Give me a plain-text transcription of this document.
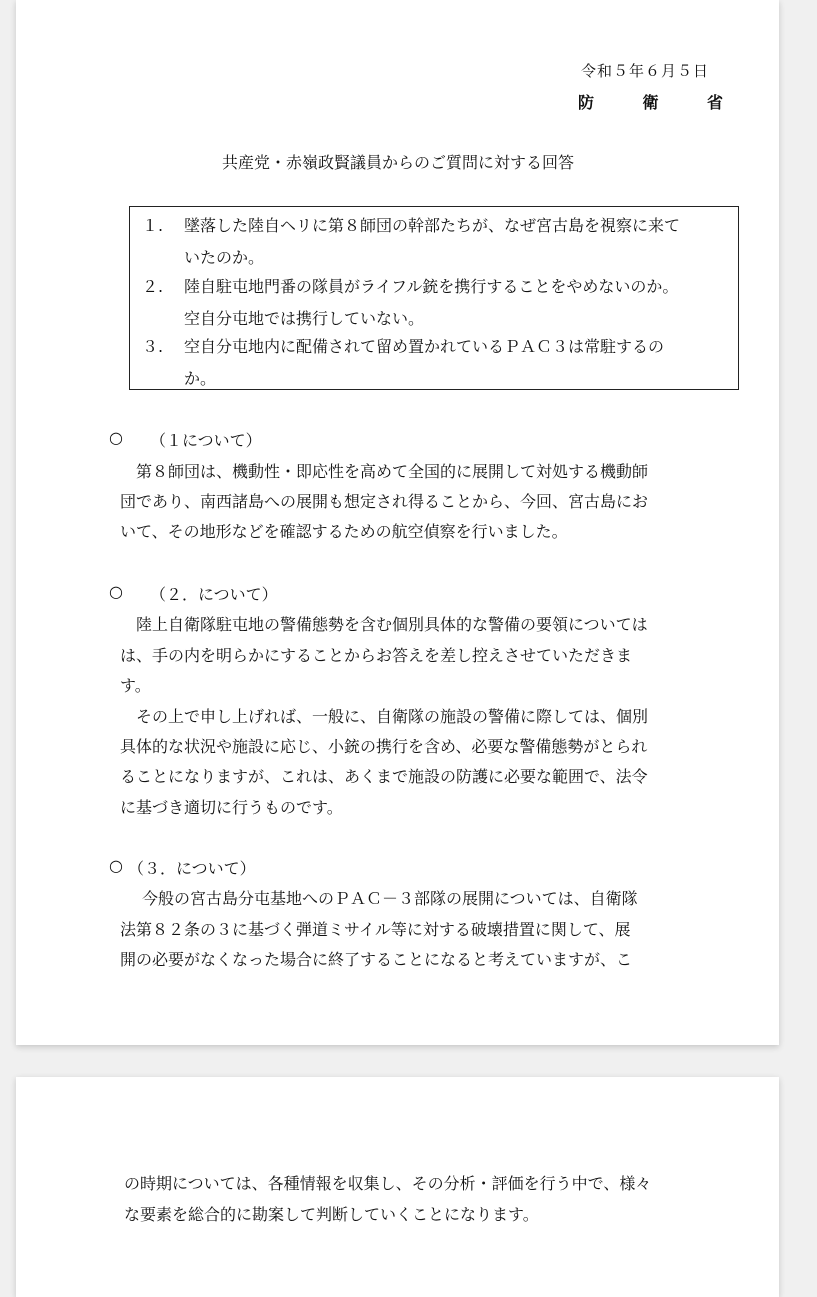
令和５年６月５日
防	衛	省
共産党・赤嶺政賢議員からのご質問に対する回答
１. 墜落した陸自ヘリに第８師団の幹部たちが、なぜ宮古島を視察に来て
いたのか。
２. 陸自駐屯地門番の隊員がライフル銃を携行することをやめないのか。
空自分屯地では携行していない。
３. 空自分屯地内に配備されて留め置かれているＰＡＣ３は常駐するの
か。
○ （１について）
第８師団は、機動性・即応性を高めて全国的に展開して対処する機動師
団であり、南西諸島への展開も想定され得ることから、今回、宮古島にお
いて、その地形などを確認するための航空偵察を行いました。
○ （２．について）
陸上自衛隊駐屯地の警備態勢を含む個別具体的な警備の要領については
は、手の内を明らかにすることからお答えを差し控えさせていただきま
す。
その上で申し上げれば、一般に、自衛隊の施設の警備に際しては、個別
具体的な状況や施設に応じ、小銃の携行を含め、必要な警備態勢がとられ
ることになりますが、これは、あくまで施設の防護に必要な範囲で、法令
に基づき適切に行うものです。
○ （３．について）
今般の宮古島分屯基地へのＰＡＣ－３部隊の展開については、自衛隊
法第８２条の３に基づく弾道ミサイル等に対する破壊措置に関して、展
開の必要がなくなった場合に終了することになると考えていますが、こ
の時期については、各種情報を収集し、その分析・評価を行う中で、様々
な要素を総合的に勘案して判断していくことになります。
